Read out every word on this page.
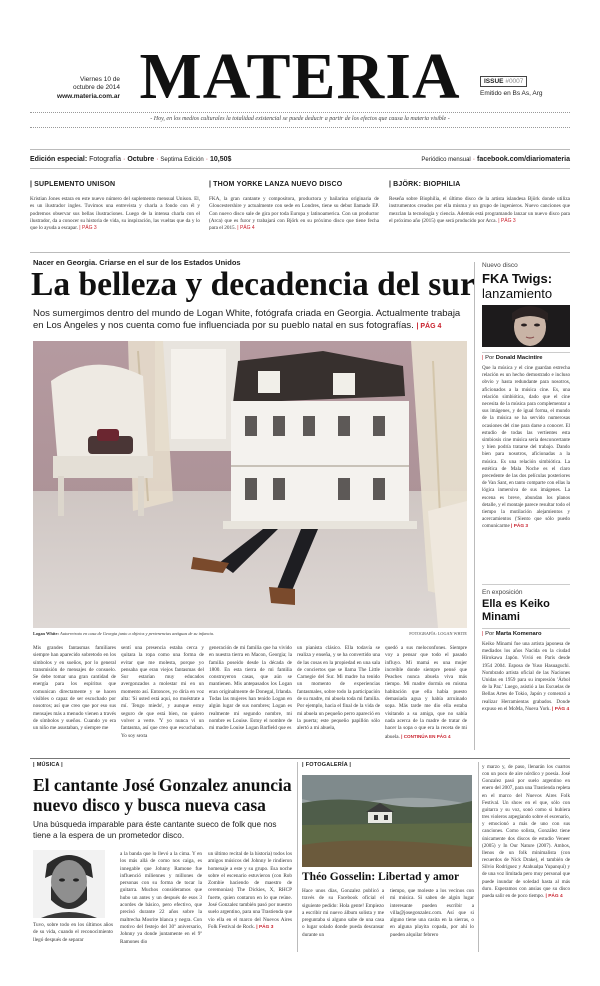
Viernes 10 de
octubre de 2014
www.materia.com.ar MATERIA	ISSUE #0007
Emitido en Bs As, Arg
- Hoy, en los medios culturales la totalidad existencial se puede deducir a partir de los efectos que causa la materia visible -
Edición especial: Fotografía · Octubre · Septima Edición · 10,50$	Periódico mensual · facebook.com/diariomateria
| SUPLEMENTO UNISON
Kristian Jones estara en este nuevo número del suplemento mensual Unison. El, es un ilustrador ingles. Tuvimos una entrevista y charla a fondo con él y podremos observar sus bellas ilustraciones. Luego de la intensa charla con el ilustrador, da a conocer su historia de vida, su inspiración, las vueltas que da y lo que lo ayuda a escapar. | PÁG 3
| THOM YORKE LANZA NUEVO DISCO
FKA, la gran cantante y compositora, productora y bailarina originaria de Gloucestershire y actualmente con sede en Londres, tiene su debut llamado EP. Con nuevo disco sale de gira por toda Europa y latinoamerica. Con un productor (Arca) que es furor y trabajará con Björk en su próximo disco que tiene fecha para el 2015. | PÁG 4
| BJÖRK: BIOPHILIA
Reseña sobre Biophilia, el último disco de la artista islandesa Björk donde utiliza instrumentos creados por ella misma y un grupo de ingenieros. Nuevo canciones que mezclan la tecnología y ciencia. Además está programando lanzar un nuevo disco para el próximo año (2015) que será producido por Arca. | PÁG 3
Nacer en Georgia. Criarse en el sur de los Estados Unidos
La belleza y decadencia del sur
Nos sumergimos dentro del mundo de Logan White, fotógrafa criada en Georgia. Actualmente trabaja en Los Angeles y nos cuenta como fue influenciada por su pueblo natal en sus fotografías. | PÁG 4
Logan White: Autorretrato en casa de Georgia junto a objetos y pertenencias antiguas de su infancia.	FOTOGRAFÍA: LOGAN WHITE
Mis grandes fantasmas familiares siempre han aparecido sobretodo en los símbolos y en sueños, por lo general transmisión de mensajes de consuelo. Se debe tomar una gran cantidad de energía para los espíritus que comunican directamente y se hacen visibles o capaz de ser escuchado por nosotros; así que creo que por eso sus mensajes más a menudo vienen a través de símbolos y sueños. Cuando yo era un niño me asustaban, y siempre me
sentí una presencia estaba cerca y quitara la ropa como una forma de evitar que me molesta, porque yo pensaba que eran viejos fantasmas del Sur estarían muy educados avergonzados a molestar mi en un momento así. Entonces, yo diría en voz alta: 'Si usted está aquí, no muéstrate a mí. Tengo miedo', y aunque estoy seguro de que está bien, no quiero volver a verte. 'Y yo nunca vi un fantasma, así que creo que escuchaban. Yo soy sexta
generación de mi familia que ha vivido en nuestra tierra en Macon, Georgia; la familia poseído desde la década de 1800. En esta tierra de mi familia construyeron casas, que aún se mantienen. Mis antepasados los Logan eran originalmente de Donegal, Irlanda. Todas las mujeres han tenido Logan en algún lugar de sus nombres; Logan es realmente mi segundo nombre, mi nombre es Louise. Estoy el nombre de mi madre Louise Logan Barfield que es
un pianista clásico. Ella todavía se realiza y enseña, y se ha convertido una de las cosas en la propiedad en una sala de conciertos que se llama The Little Carnegie del Sur. Mi madre ha tenido un momento de experiencias fantasmales, sobre todo la participación de su madre, mi abuela toda mi familia. Por ejemplo, hacia el final de la vida de mi abuela un pequeño perro apareció en la puerta; este pequeño papillón sólo alertó a mi abuela,
quedó a sus meloconfones. Siempre voy a pensar que todo el pasado influyo. Mi mamá es una mujer increíble donde siempre pensé que Peaches nunca abuela viva más tiempo. Mi madre dormía en misma habitación que ella había puesto demasiada agua y había arruinado sopa. Más tarde me dio ella estaba visitando a su amiga, que no sabía nada acerca de la madre de tratar de hacer la sopa o que era la receta de mi abuela. | CONTINÚA EN PÁG 4
Nuevo disco
FKA Twigs:
lanzamiento
| Por Donald Macintire
Que la música y el cine guardan estrecha relación es un hecho demostrado e incluso obvio y hasta redundante para nosotros, aficionados a la música cine. Es, una relación simbiótica, dado que el cine necesita de la música para complementar a sus imágenes, y de igual forma, el mundo de la música se ha servido numerosas ocasiones del cine para darse a conocer. El estudio de todas las vertientes esta simbiosis cine música sería desconcertante y bien podría tratarse del trabajo. Dando bien para nosotros, aficionadas a la música. Es una relación simbiótica. La estética de Mala Noche es el claro precedente de las dos películas posteriores de Van Sant, en tanto comparte con ellas la lógica inmersiva de sus imágenes. La escena es breve, abundan los planos detalle, y el montaje parece resultar todo el tiempo la mutilación alejamientos y acercamientos ('Siento que sólo puedo comunicarme | PÁG 3
En exposición
Ella es Keiko
Minami
| Por Marta Komenaro
Keiko Minami fue una artista japonesa de mediados los años Nacida en la ciudad Hirokawa Japón. Vivió en París desde 1954 2004. Esposa de Yuso Hasuaguchi. Nombrado artista oficial de las Naciones Unidas en 1959 para su impresión 'Árbol de la Paz.' Luego, asistió a las Escuelas de Bellas Artes de Tokio, Japón y comenzó a realizar Herramientas grabados. Donde expuso en el MoMa, Nueva York. | PÁG 4
| MÚSICA |
El cantante José Gonzalez anuncia nuevo disco y busca nueva casa
Una búsqueda imparable para éste cantante sueco de folk que nos tiene a la espera de un prometedor disco.
Tuvo, sobre todo en los últimos años de su vida, cuando el reconocimiento llegó después de separar
a la banda que lo llevó a la cima. Y en los más allá de como nos caiga, es innegable que Johnny Ramone fue influenció miliennes y millones de personas con su forma de tocar la guitarra. Muchos consideramos que hubo un antes y un después de esos 3 acordes de básico, pero efectivo, que precisó durante 22 años sobre la maltrecha Mosrite blanca y negra. Con motivo del festejo del 30º aniversario, Johnny ya donde juntamente en el 9º Ramones dio
un último recital de la historia) todos los amigos músicos del Johnny le rindieron homenaje a este y su grupo. Esa noche sobre el escenario estuvieron (con Rob Zombie haciendo de maestro de ceremonias) The Dickies, X, RHCP fuerte, quien contaron en lo que reúne. José Gonzalez también pasó por nuestro suelo argentino, para una Trastienda que vio ella en el marco del Nuevos Aires Folk Festival de Rock. | PÁG 3
| FOTOGALERÍA |
Théo Gosselin: Libertad y amor
Hace unos días, Gonzalez publicó a través de su Facebook oficial el siguiente pedido: Hola gente! Empiezo a escribir mi nuevo álbum solista y me preguntaba si alguno sabe de una casa o lugar solado donde pueda descansar durante un
tiempo, que moleste a los vecinos con mi música. Si saben de algún lugar interesante pueden escribir a villa@josegonzalez.com. Así que si alguno tiene una casita en la sierras, o en alguna playita copada, por ahí lo pueden alquilar febrero
y marzo y, de paso, llenarán los cuartos con un poco de aire nórdico y poesía. José Gonzalez pasó por suelo argentino en enero del 2007, para una Trastienda repleta en el marco del Nuevos Aires Folk Festival. Un show en el que, sólo con guitarra y su voz, sonó como si hubiera tres violeros arpegiando sobre el escenario, y emocionó a más de uno con sus canciones. Como solista, González tiene únicamente dos discos de estudio Veneer (2005) y In Our Nature (2007). Ambos, llenos de un folk minimalista (con recuerdos de Nick Drake), el también de Silvio Rodríguez y Atahualpa Yupanqui) y de una voz limitada pero muy personal que puede inundar de soledad hasta al más duro. Esperamos con ansias que su disco pueda salir en de poco tiempo. | PÁG 4
